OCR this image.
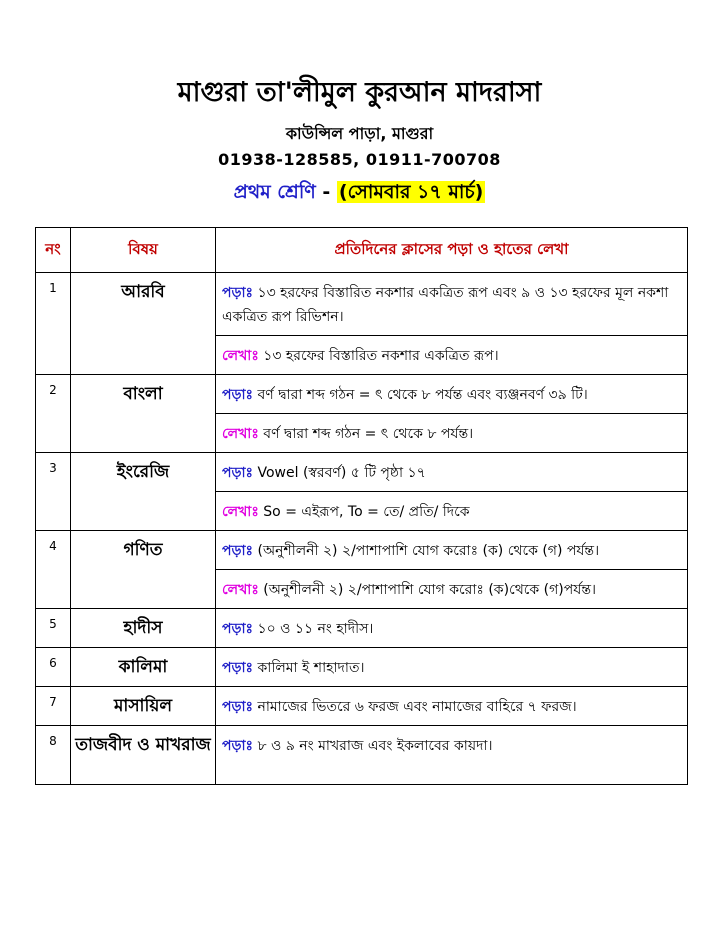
মাগুরা তা'লীমুল কুরআন মাদরাসা
কাউন্সিল পাড়া, মাগুরা
01938-128585, 01911-700708
প্রথম শ্রেণি - (সোমবার ১৭ মার্চ)
নং	বিষয়	প্রতিদিনের ক্লাসের পড়া ও হাতের লেখা
1	আরবি	পড়াঃ ১৩ হরফের বিস্তারিত নকশার একত্রিত রূপ এবং ৯ ও ১৩ হরফের মূল নকশা একত্রিত রূপ রিভিশন।
		লেখাঃ ১৩ হরফের বিস্তারিত নকশার একত্রিত রূপ।
2	বাংলা	পড়াঃ বর্ণ দ্বারা শব্দ গঠন = ৎ থেকে ৮ পর্যন্ত এবং ব্যঞ্জনবর্ণ ৩৯ টি।
		লেখাঃ বর্ণ দ্বারা শব্দ গঠন = ৎ থেকে ৮ পর্যন্ত।
3	ইংরেজি	পড়াঃ Vowel (স্বরবর্ণ) ৫ টি পৃষ্ঠা ১৭
		লেখাঃ So = এইরূপ, To = তে/ প্রতি/ দিকে
4	গণিত	পড়াঃ (অনুশীলনী ২) ২/পাশাপাশি যোগ করোঃ (ক) থেকে (গ) পর্যন্ত।
		লেখাঃ (অনুশীলনী ২) ২/পাশাপাশি যোগ করোঃ (ক)থেকে (গ)পর্যন্ত।
5	হাদীস	পড়াঃ ১০ ও ১১ নং হাদীস।
6	কালিমা	পড়াঃ কালিমা ই শাহাদাত।
7	মাসায়িল	পড়াঃ নামাজের ভিতরে ৬ ফরজ এবং নামাজের বাহিরে ৭ ফরজ।
8	তাজবীদ ও মাখরাজ	পড়াঃ ৮ ও ৯ নং মাখরাজ এবং ইকলাবের কায়দা।
